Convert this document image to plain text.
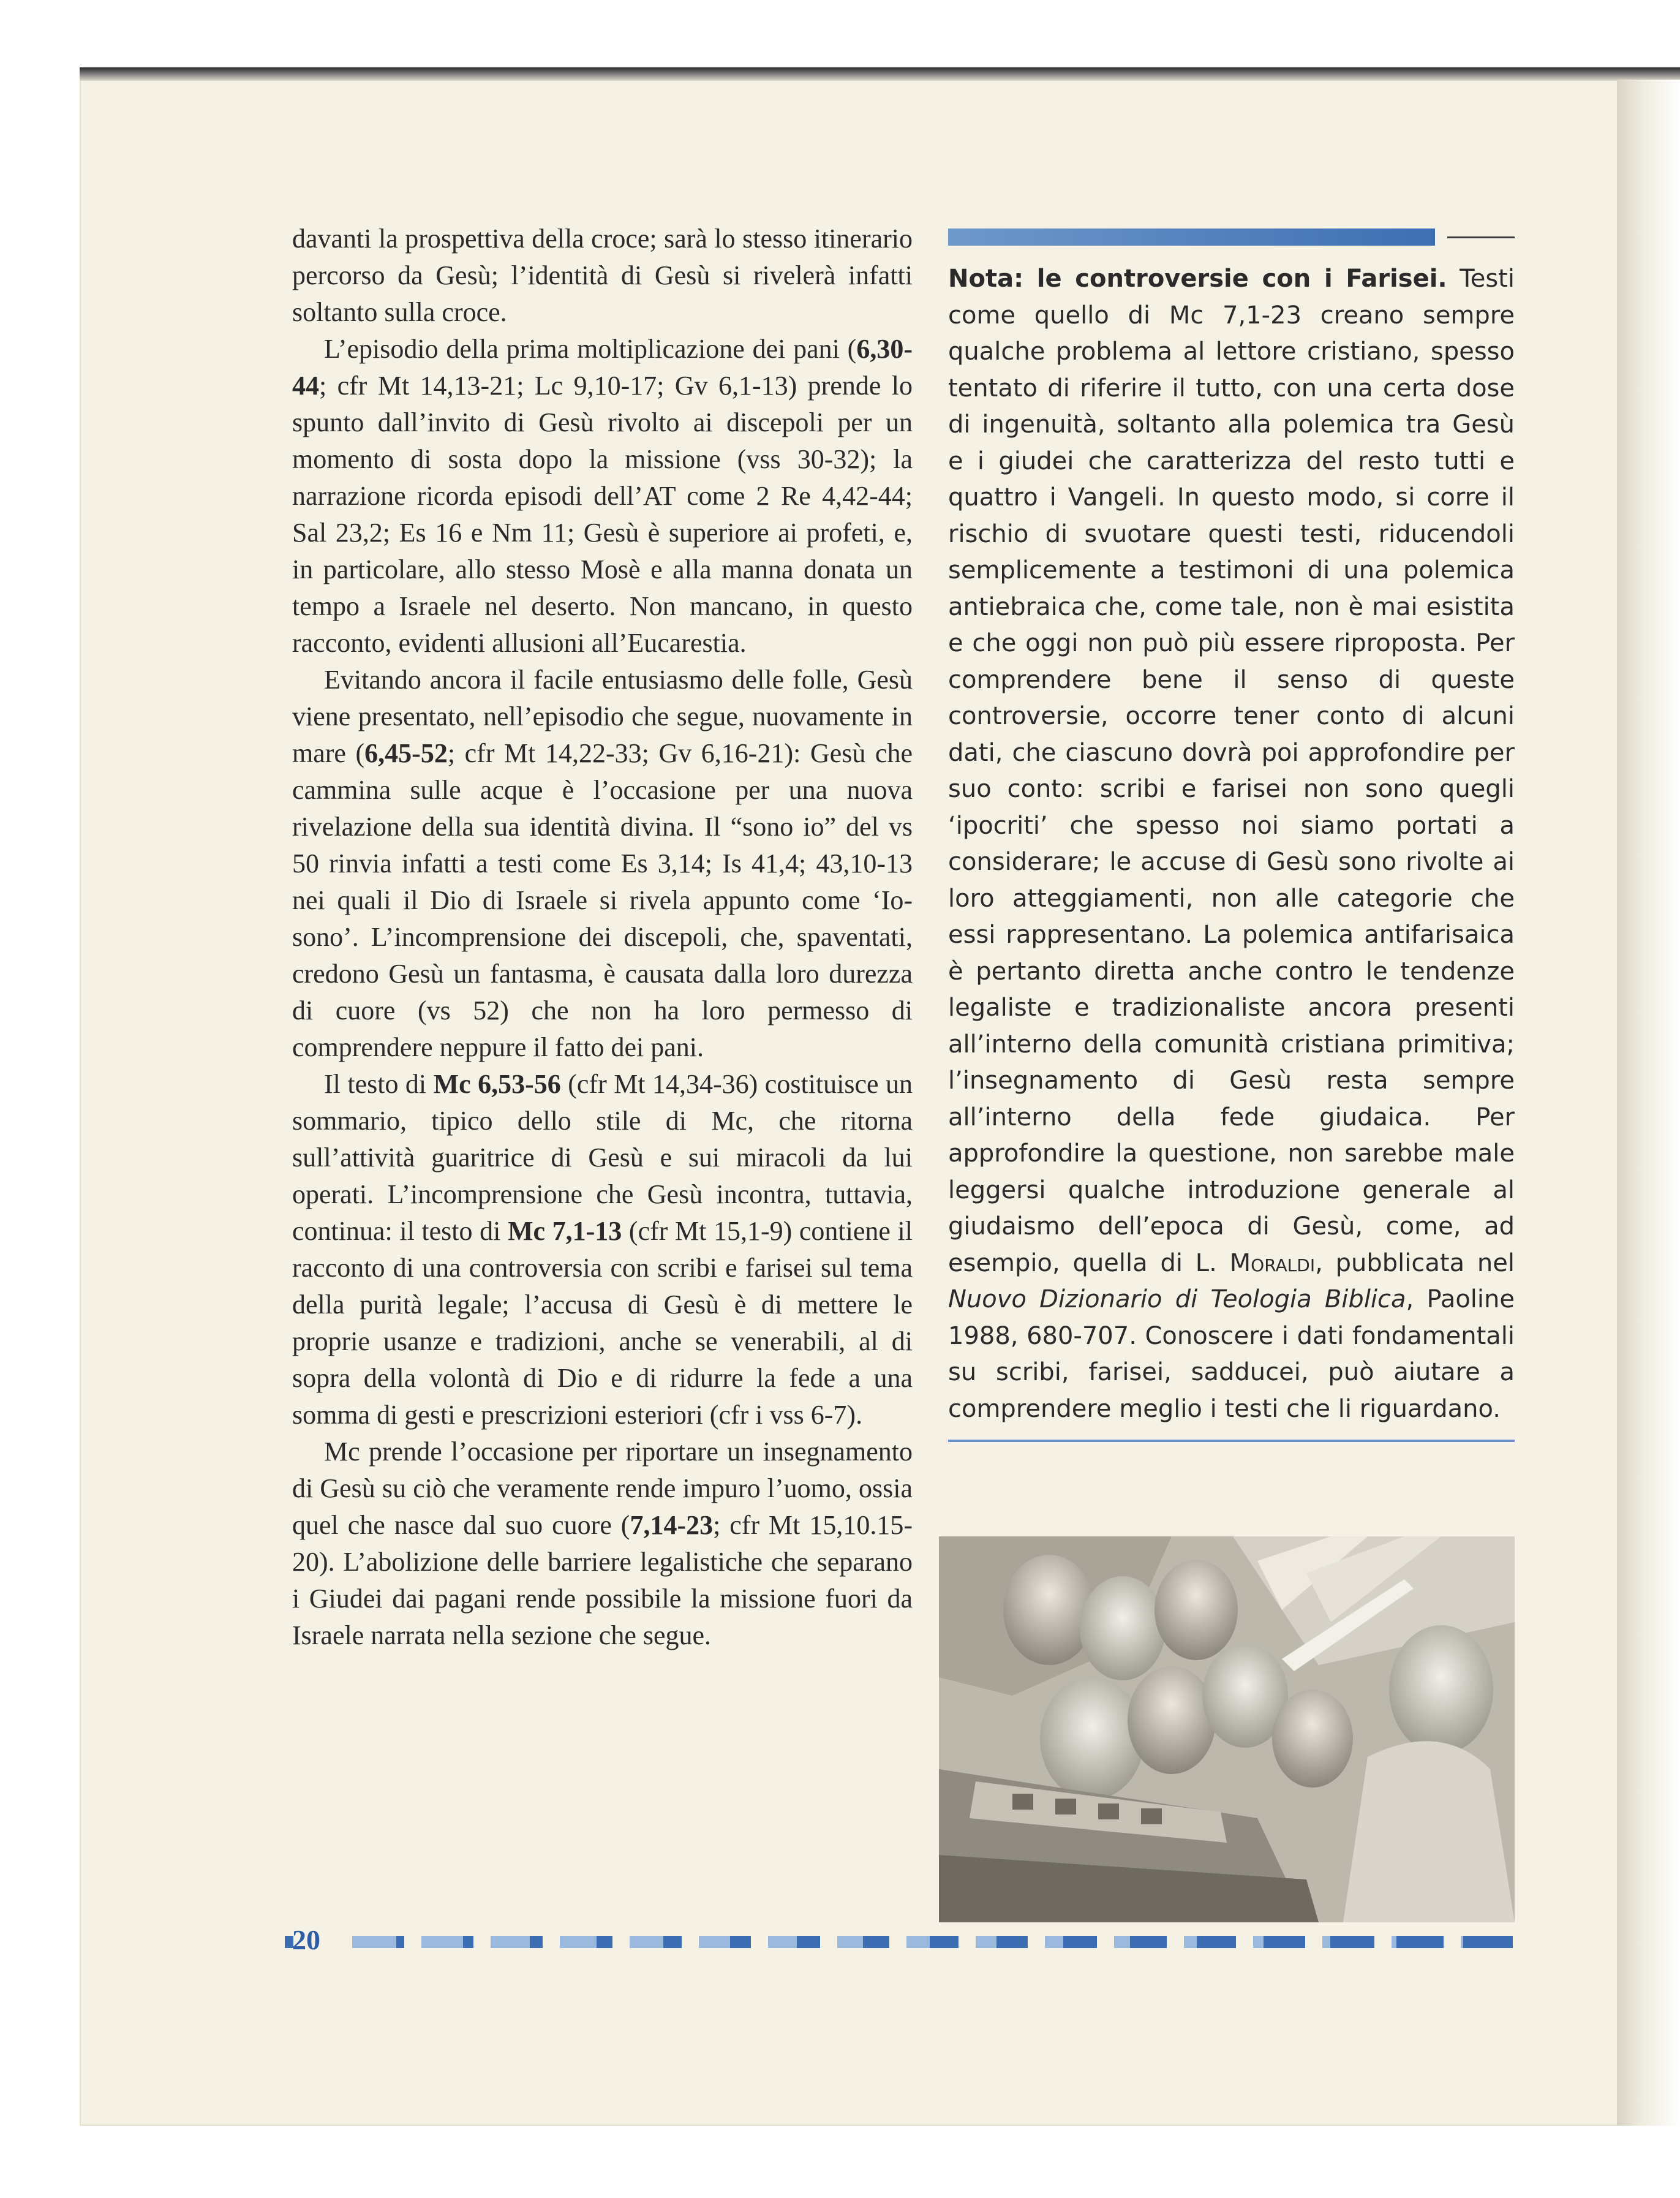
davanti la prospettiva della croce; sarà lo stesso itinerario percorso da Gesù; l’identità di Gesù si rivelerà infatti soltanto sulla croce.

L’episodio della prima moltiplicazione dei pani (6,30-44; cfr Mt 14,13-21; Lc 9,10-17; Gv 6,1-13) prende lo spunto dall’invito di Gesù rivolto ai discepoli per un momento di sosta dopo la missione (vss 30-32); la narrazione ricorda episodi dell’AT come 2 Re 4,42-44; Sal 23,2; Es 16 e Nm 11; Gesù è superiore ai profeti, e, in particolare, allo stesso Mosè e alla manna donata un tempo a Israele nel deserto. Non mancano, in questo racconto, evidenti allusioni all’Eucarestia.

Evitando ancora il facile entusiasmo delle folle, Gesù viene presentato, nell’episodio che segue, nuovamente in mare (6,45-52; cfr Mt 14,22-33; Gv 6,16-21): Gesù che cammina sulle acque è l’occasione per una nuova rivelazione della sua identità divina. Il “sono io” del vs 50 rinvia infatti a testi come Es 3,14; Is 41,4; 43,10-13 nei quali il Dio di Israele si rivela appunto come ‘Io-sono’. L’incomprensione dei discepoli, che, spaventati, credono Gesù un fantasma, è causata dalla loro durezza di cuore (vs 52) che non ha loro permesso di comprendere neppure il fatto dei pani.

Il testo di Mc 6,53-56 (cfr Mt 14,34-36) costituisce un sommario, tipico dello stile di Mc, che ritorna sull’attività guaritrice di Gesù e sui miracoli da lui operati. L’incomprensione che Gesù incontra, tuttavia, continua: il testo di Mc 7,1-13 (cfr Mt 15,1-9) contiene il racconto di una controversia con scribi e farisei sul tema della purità legale; l’accusa di Gesù è di mettere le proprie usanze e tradizioni, anche se venerabili, al di sopra della volontà di Dio e di ridurre la fede a una somma di gesti e prescrizioni esteriori (cfr i vss 6-7).

Mc prende l’occasione per riportare un insegnamento di Gesù su ciò che veramente rende impuro l’uomo, ossia quel che nasce dal suo cuore (7,14-23; cfr Mt 15,10.15-20). L’abolizione delle barriere legalistiche che separano i Giudei dai pagani rende possibile la missione fuori da Israele narrata nella sezione che segue.

Nota: le controversie con i Farisei. Testi come quello di Mc 7,1-23 creano sempre qualche problema al lettore cristiano, spesso tentato di riferire il tutto, con una certa dose di ingenuità, soltanto alla polemica tra Gesù e i giudei che caratterizza del resto tutti e quattro i Vangeli. In questo modo, si corre il rischio di svuotare questi testi, riducendoli semplicemente a testimoni di una polemica antiebraica che, come tale, non è mai esistita e che oggi non può più essere riproposta. Per comprendere bene il senso di queste controversie, occorre tener conto di alcuni dati, che ciascuno dovrà poi approfondire per suo conto: scribi e farisei non sono quegli ‘ipocriti’ che spesso noi siamo portati a considerare; le accuse di Gesù sono rivolte ai loro atteggiamenti, non alle categorie che essi rappresentano. La polemica antifarisaica è pertanto diretta anche contro le tendenze legaliste e tradizionaliste ancora presenti all’interno della comunità cristiana primitiva; l’insegnamento di Gesù resta sempre all’interno della fede giudaica. Per approfondire la questione, non sarebbe male leggersi qualche introduzione generale al giudaismo dell’epoca di Gesù, come, ad esempio, quella di L. Moraldi, pubblicata nel Nuovo Dizionario di Teologia Biblica, Paoline 1988, 680-707. Conoscere i dati fondamentali su scribi, farisei, sadducei, può aiutare a comprendere meglio i testi che li riguardano.

20
